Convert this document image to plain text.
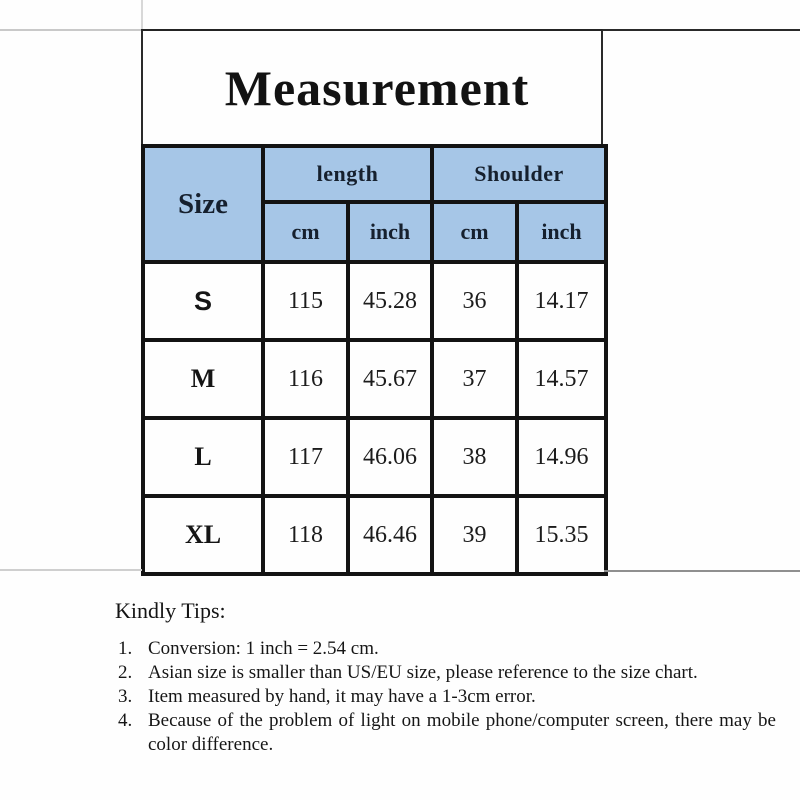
Measurement
Size	length		Shoulder	
	cm	inch	cm	inch
S	115	45.28	36	14.17
M	116	45.67	37	14.57
L	117	46.06	38	14.96
XL	118	46.46	39	15.35

Kindly Tips:

Conversion: 1 inch = 2.54 cm.
Asian size is smaller than US/EU size, please reference to the size chart.
Item measured by hand, it may have a 1-3cm error.
Because of the problem of light on mobile phone/computer screen, there may be color difference.
